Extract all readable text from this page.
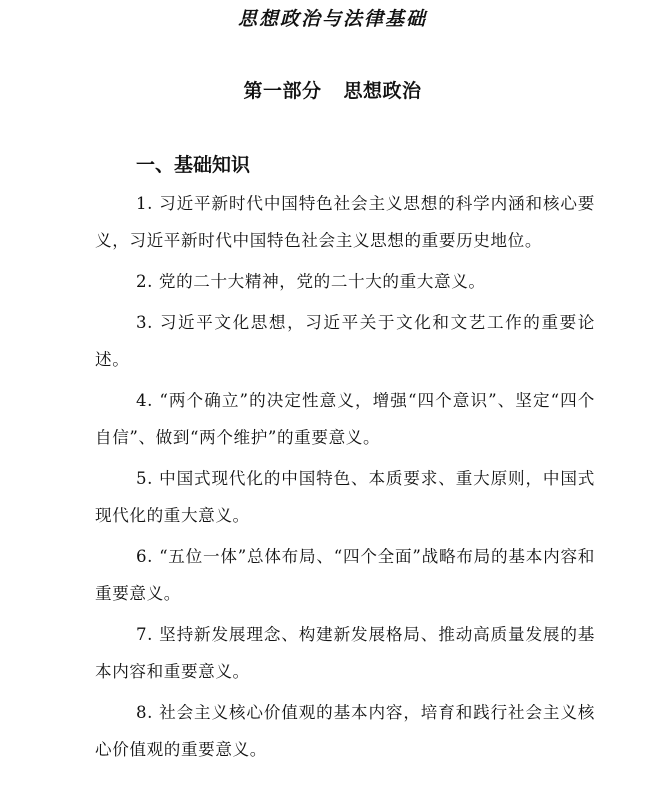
思想政治与法律基础
第一部分 思想政治
一、基础知识

1. 习近平新时代中国特色社会主义思想的科学内涵和核心要义，习近平新时代中国特色社会主义思想的重要历史地位。

2. 党的二十大精神，党的二十大的重大意义。

3. 习近平文化思想，习近平关于文化和文艺工作的重要论述。

4. “两个确立”的决定性意义，增强“四个意识”、坚定“四个自信”、做到“两个维护”的重要意义。

5. 中国式现代化的中国特色、本质要求、重大原则，中国式现代化的重大意义。

6. “五位一体”总体布局、“四个全面”战略布局的基本内容和重要意义。

7. 坚持新发展理念、构建新发展格局、推动高质量发展的基本内容和重要意义。

8. 社会主义核心价值观的基本内容，培育和践行社会主义核心价值观的重要意义。
